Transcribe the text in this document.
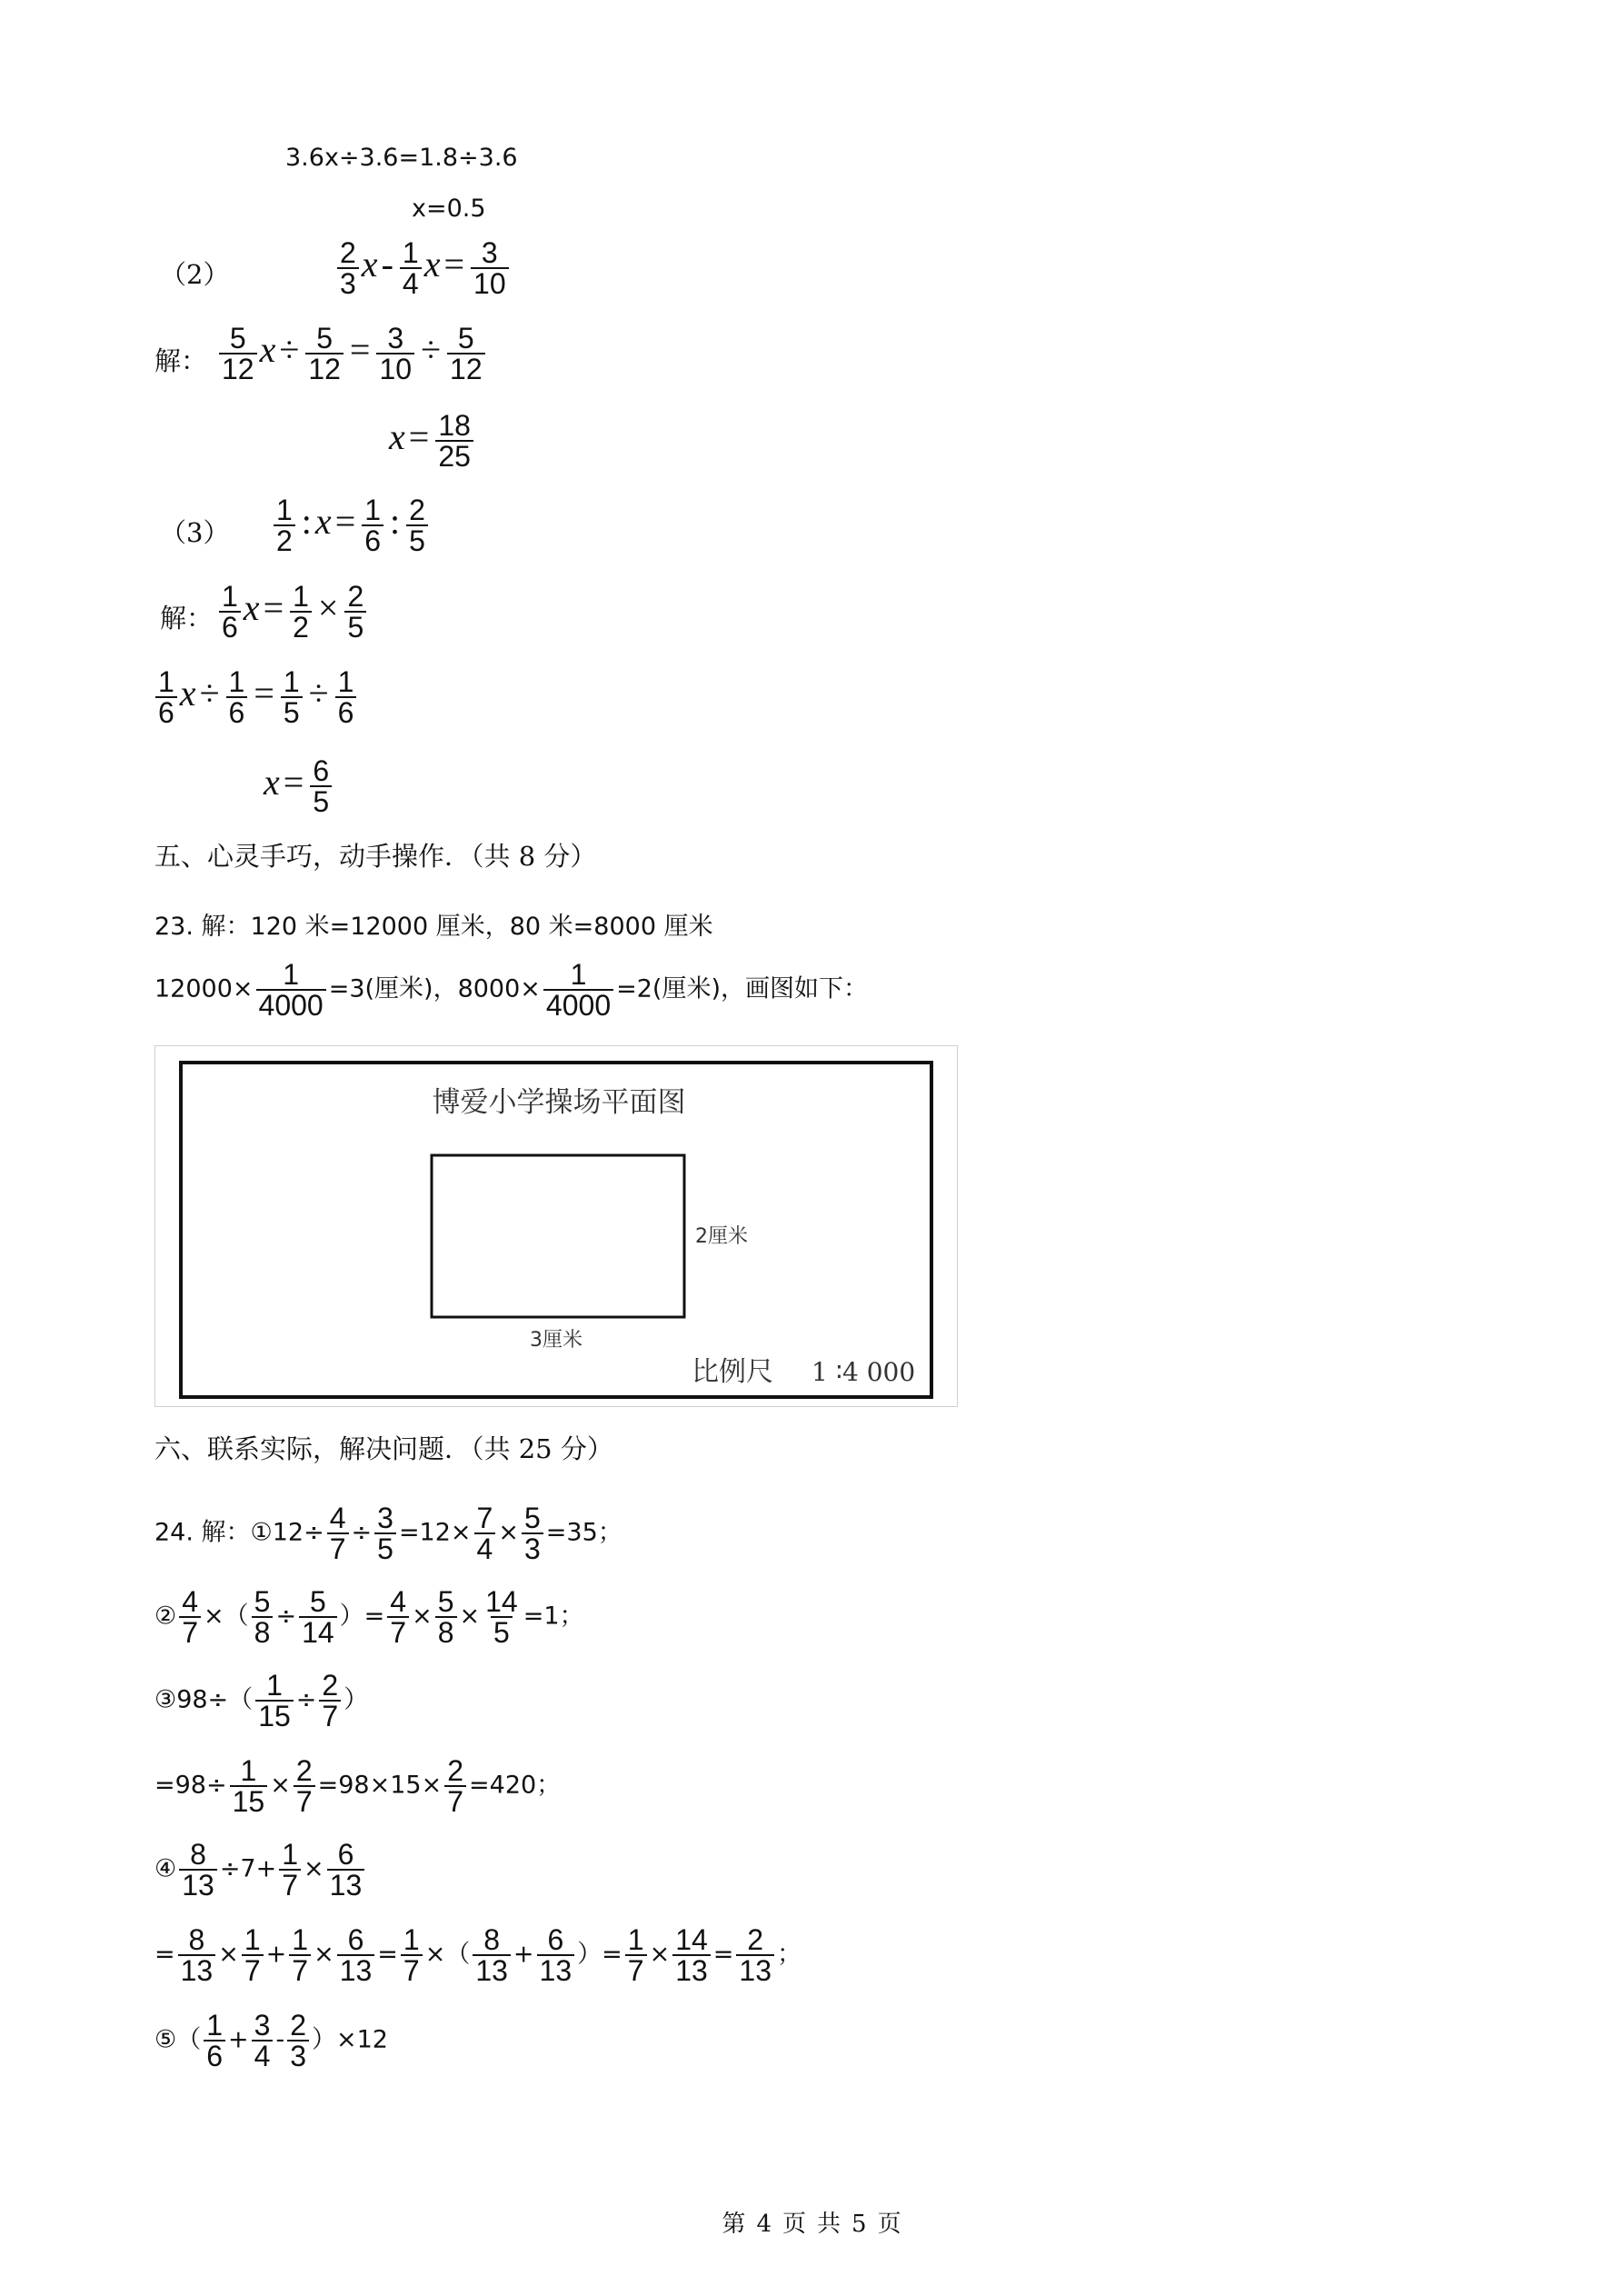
3.6x÷3.6=1.8÷3.6
x=0.5
（2）	$\frac{2}{3}$ x - $\frac{1}{4}$ $x = \frac{3}{10}$
解： $\frac{5}{12}$ $x \div \frac{5}{12} = \frac{3}{10} \div \frac{5}{12}$
$x = \frac{18}{25}$
$(3) \frac{1}{2}$ : $x = \frac{1}{6}$ : $\frac{2}{5}$
解： $\frac{1}{6}$ $x = \frac{1}{2} \times \frac{2}{5}$
$\frac{1}{6}$ $x \div \frac{1}{6} = \frac{1}{5} \div \frac{1}{6}$
$x = \frac{6}{5}$
五、心灵手巧，动手操作．（共 8 分）
23. 解：120 米=12000 厘米，80 米=8000 厘米
$12000\times \frac{1}{4000} =3$(厘米)，$8000\times \frac{1}{4000} =2$(厘米)，画图如下：
博爱小学操场平面图
2厘米
3厘米
比例尺 1 ∶4 000
六、联系实际，解决问题．（共 25 分）
24. 解：①12÷ $\frac{4}{7} \div \frac{3}{5} =12\times \frac{7}{4} \times \frac{5}{3} =35$；
② $\frac{4}{7}$ ×（ $\frac{5}{8} \div \frac{5}{14}$ ）= $\frac{4}{7} \times \frac{5}{8} \times \frac{14}{5} =1$；
③98÷（ $\frac{1}{15} \div \frac{2}{7}$ ）
$=98\div \frac{1}{15} \times \frac{2}{7} =98\times 15\times \frac{2}{7} =420$；
④ $\frac{8}{13} \div 7+ \frac{1}{7} \times \frac{6}{13}$
= $\frac{8}{13} \times \frac{1}{7} + \frac{1}{7} \times \frac{6}{13} = \frac{1}{7}$ ×（ $\frac{8}{13} + \frac{6}{13}$ ）= $\frac{1}{7} \times \frac{14}{13} = \frac{2}{13}$ ；
⑤（ $\frac{1}{6} + \frac{3}{4} - \frac{2}{3} )\times 12$
第 4 页 共 5 页
